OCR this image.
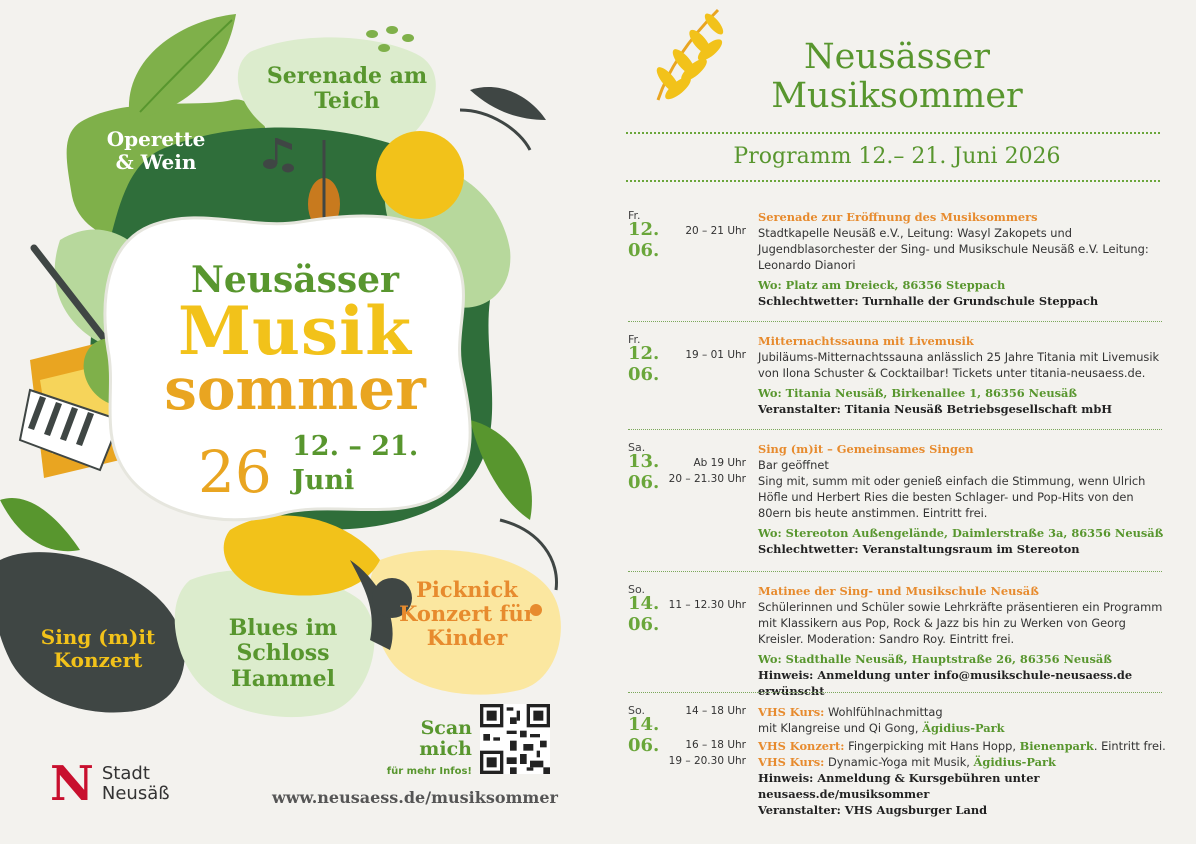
Operette & Wein
Serenade am Teich
Sing (m)it Konzert
Blues im Schloss Hammel
Picknick Konzert für Kinder
Neusässer
Musik
sommer
26 12. – 21.
Juni
Scan mich
für mehr Infos!
N Stadt
Neusäß	www.neusaess.de/musiksommer
Neusässer
Musiksommer
Programm 12.– 21. Juni 2026
Fr.
12.
06.
20 – 21 Uhr
Serenade zur Eröffnung des Musiksommers
Stadtkapelle Neusäß e.V., Leitung: Wasyl Zakopets und Jugendblasorchester der Sing- und Musikschule Neusäß e.V. Leitung: Leonardo Dianori
Wo: Platz am Dreieck, 86356 Steppach
Schlechtwetter: Turnhalle der Grundschule Steppach
Fr.
12.
06.
19 – 01 Uhr
Mitternachtssauna mit Livemusik
Jubiläums-Mitternachtssauna anlässlich 25 Jahre Titania mit Livemusik von Ilona Schuster & Cocktailbar! Tickets unter titania-neusaess.de.
Wo: Titania Neusäß, Birkenallee 1, 86356 Neusäß
Veranstalter: Titania Neusäß Betriebsgesellschaft mbH
Sa.
13.
06.
Ab 19 Uhr
20 – 21.30 Uhr
Sing (m)it – Gemeinsames Singen
Bar geöffnet
Sing mit, summ mit oder genieß einfach die Stimmung, wenn Ulrich Höfle und Herbert Ries die besten Schlager- und Pop-Hits von den 80ern bis heute anstimmen. Eintritt frei.
Wo: Stereoton Außengelände, Daimlerstraße 3a, 86356 Neusäß
Schlechtwetter: Veranstaltungsraum im Stereoton
So.
14.
06.
11 – 12.30 Uhr
Matinee der Sing- und Musikschule Neusäß
Schülerinnen und Schüler sowie Lehrkräfte präsentieren ein Programm mit Klassikern aus Pop, Rock & Jazz bis hin zu Werken von Georg Kreisler. Moderation: Sandro Roy. Eintritt frei.
Wo: Stadthalle Neusäß, Hauptstraße 26, 86356 Neusäß
Hinweis: Anmeldung unter info@musikschule-neusaess.de erwünscht
So.
14.
06.
14 – 18 Uhr
16 – 18 Uhr
19 – 20.30 Uhr
VHS Kurs: Wohlfühlnachmittag
mit Klangreise und Qi Gong, Ägidius-Park
VHS Konzert: Fingerpicking mit Hans Hopp, Bienenpark. Eintritt frei.
VHS Kurs: Dynamic-Yoga mit Musik, Ägidius-Park
Hinweis: Anmeldung & Kursgebühren unter neusaess.de/musiksommer
Veranstalter: VHS Augsburger Land
